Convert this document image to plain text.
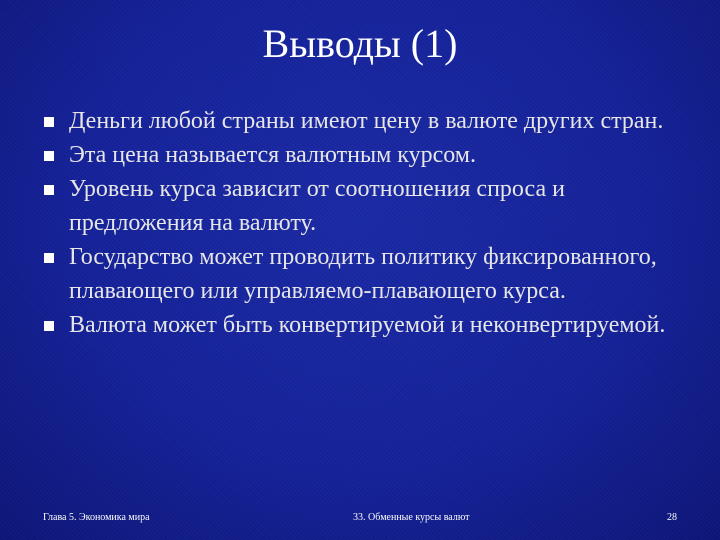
Выводы (1)
Деньги любой страны имеют цену в валюте других стран.
Эта цена называется валютным курсом.
Уровень курса зависит от соотношения спроса и предложения на валюту.
Государство может проводить политику фиксированного, плавающего или управляемо-плавающего курса.
Валюта может быть конвертируемой и неконвертируемой.
Глава 5. Экономика мира	33. Обменные курсы валют	28
